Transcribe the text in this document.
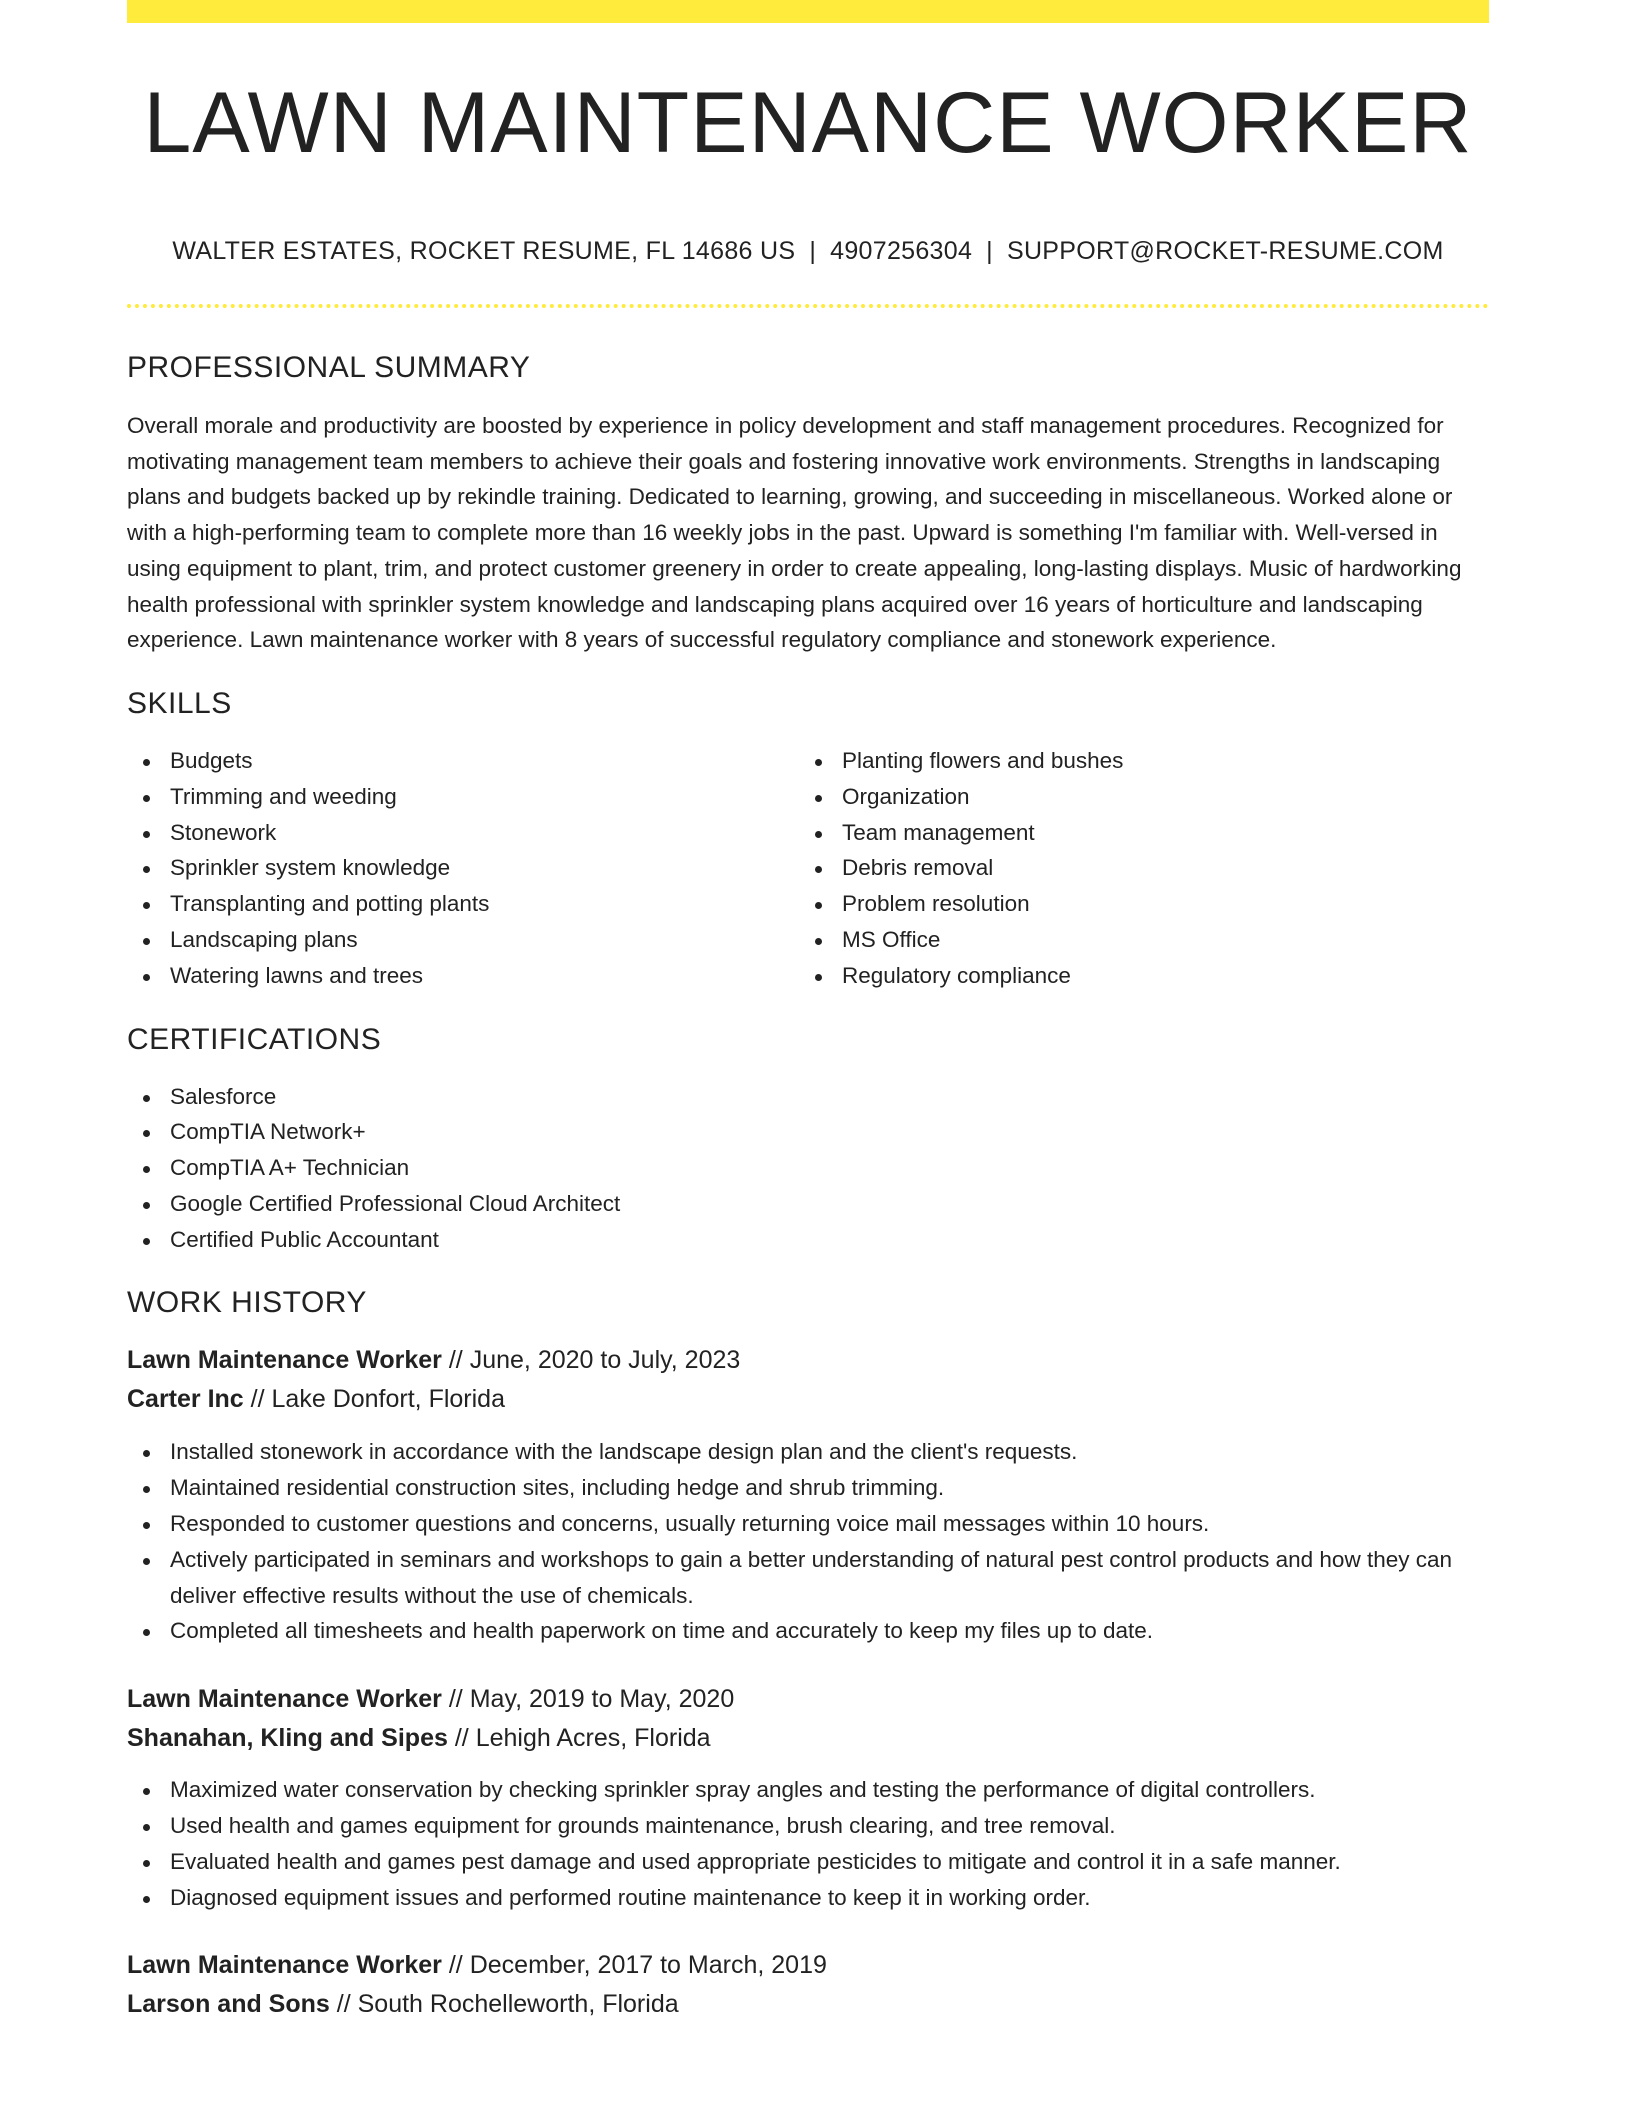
LAWN MAINTENANCE WORKER
WALTER ESTATES, ROCKET RESUME, FL 14686 US | 4907256304 | SUPPORT@ROCKET-RESUME.COM
PROFESSIONAL SUMMARY

Overall morale and productivity are boosted by experience in policy development and staff management procedures. Recognized for motivating management team members to achieve their goals and fostering innovative work environments. Strengths in landscaping plans and budgets backed up by rekindle training. Dedicated to learning, growing, and succeeding in miscellaneous. Worked alone or with a high-performing team to complete more than 16 weekly jobs in the past. Upward is something I'm familiar with. Well-versed in using equipment to plant, trim, and protect customer greenery in order to create appealing, long-lasting displays. Music of hardworking health professional with sprinkler system knowledge and landscaping plans acquired over 16 years of horticulture and landscaping experience. Lawn maintenance worker with 8 years of successful regulatory compliance and stonework experience.

SKILLS
Budgets
Trimming and weeding
Stonework
Sprinkler system knowledge
Transplanting and potting plants
Landscaping plans
Watering lawns and trees
Planting flowers and bushes
Organization
Team management
Debris removal
Problem resolution
MS Office
Regulatory compliance
CERTIFICATIONS
Salesforce
CompTIA Network+
CompTIA A+ Technician
Google Certified Professional Cloud Architect
Certified Public Accountant
WORK HISTORY
Lawn Maintenance Worker // June, 2020 to July, 2023
Carter Inc // Lake Donfort, Florida
Installed stonework in accordance with the landscape design plan and the client's requests.
Maintained residential construction sites, including hedge and shrub trimming.
Responded to customer questions and concerns, usually returning voice mail messages within 10 hours.
Actively participated in seminars and workshops to gain a better understanding of natural pest control products and how they can deliver effective results without the use of chemicals.
Completed all timesheets and health paperwork on time and accurately to keep my files up to date.
Lawn Maintenance Worker // May, 2019 to May, 2020
Shanahan, Kling and Sipes // Lehigh Acres, Florida
Maximized water conservation by checking sprinkler spray angles and testing the performance of digital controllers.
Used health and games equipment for grounds maintenance, brush clearing, and tree removal.
Evaluated health and games pest damage and used appropriate pesticides to mitigate and control it in a safe manner.
Diagnosed equipment issues and performed routine maintenance to keep it in working order.
Lawn Maintenance Worker // December, 2017 to March, 2019
Larson and Sons // South Rochelleworth, Florida
